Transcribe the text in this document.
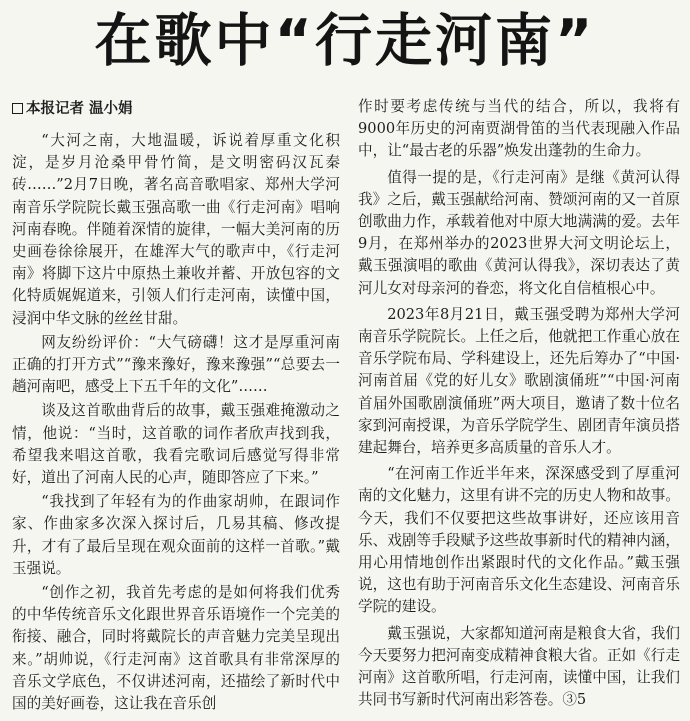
在歌中“行走河南”
本报记者 温小娟

“大河之南，大地温暖，诉说着厚重文化积淀，是岁月沧桑甲骨竹简，是文明密码汉瓦秦砖……”2月7日晚，著名高音歌唱家、郑州大学河南音乐学院院长戴玉强高歌一曲《行走河南》唱响河南春晚。伴随着深情的旋律，一幅大美河南的历史画卷徐徐展开，在雄浑大气的歌声中，《行走河南》将脚下这片中原热土兼收并蓄、开放包容的文化特质娓娓道来，引领人们行走河南，读懂中国，浸润中华文脉的丝丝甘甜。

网友纷纷评价：“大气磅礴！这才是厚重河南正确的打开方式”“豫来豫好，豫来豫强”“总要去一趟河南吧，感受上下五千年的文化”……

谈及这首歌曲背后的故事，戴玉强难掩激动之情，他说：“当时，这首歌的词作者欣声找到我，希望我来唱这首歌，我看完歌词后感觉写得非常好，道出了河南人民的心声，随即答应了下来。”

“我找到了年轻有为的作曲家胡帅，在跟词作家、作曲家多次深入探讨后，几易其稿、修改提升，才有了最后呈现在观众面前的这样一首歌。”戴玉强说。

“创作之初，我首先考虑的是如何将我们优秀的中华传统音乐文化跟世界音乐语境作一个完美的衔接、融合，同时将戴院长的声音魅力完美呈现出来。”胡帅说，《行走河南》这首歌具有非常深厚的音乐文学底色，不仅讲述河南，还描绘了新时代中国的美好画卷，这让我在音乐创

作时要考虑传统与当代的结合，所以，我将有9000年历史的河南贾湖骨笛的当代表现融入作品中，让“最古老的乐器”焕发出蓬勃的生命力。

值得一提的是，《行走河南》是继《黄河认得我》之后，戴玉强献给河南、赞颂河南的又一首原创歌曲力作，承载着他对中原大地满满的爱。去年9月，在郑州举办的2023世界大河文明论坛上，戴玉强演唱的歌曲《黄河认得我》，深切表达了黄河儿女对母亲河的眷恋，将文化自信植根心中。

2023年8月21日，戴玉强受聘为郑州大学河南音乐学院院长。上任之后，他就把工作重心放在音乐学院布局、学科建设上，还先后筹办了“中国·河南首届《党的好儿女》歌剧演俑班”“中国·河南首届外国歌剧演俑班”两大项目，邀请了数十位名家到河南授课，为音乐学院学生、剧团青年演员搭建起舞台，培养更多高质量的音乐人才。

“在河南工作近半年来，深深感受到了厚重河南的文化魅力，这里有讲不完的历史人物和故事。今天，我们不仅要把这些故事讲好，还应该用音乐、戏剧等手段赋予这些故事新时代的精神内涵，用心用情地创作出紧跟时代的文化作品。”戴玉强说，这也有助于河南音乐文化生态建设、河南音乐学院的建设。

戴玉强说，大家都知道河南是粮食大省，我们今天要努力把河南变成精神食粮大省。正如《行走河南》这首歌所唱，行走河南，读懂中国，让我们共同书写新时代河南出彩答卷。③5
